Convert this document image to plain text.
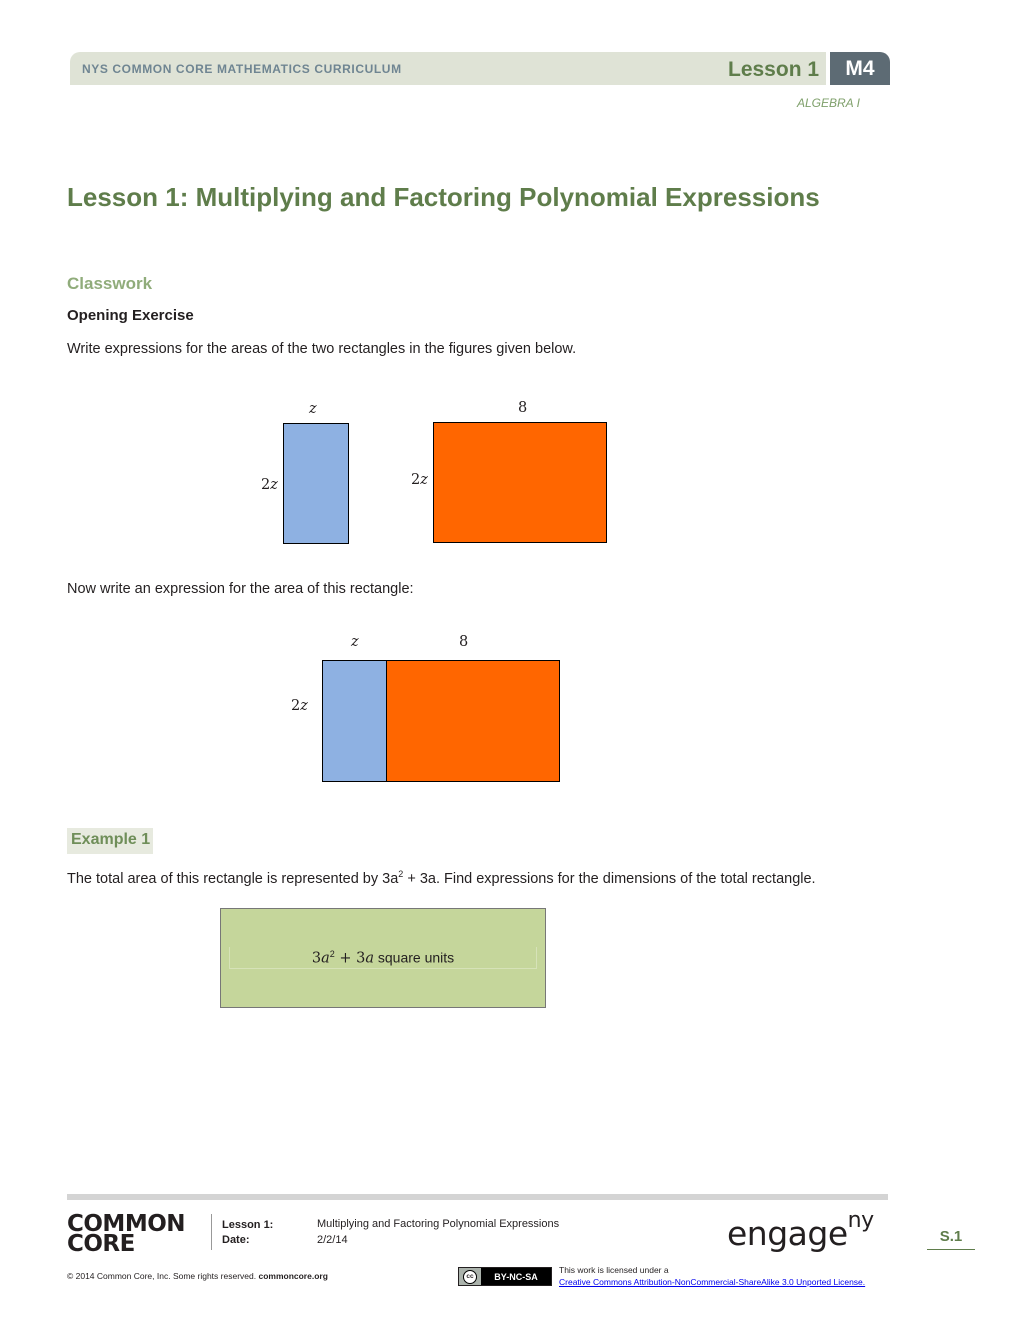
NYS COMMON CORE MATHEMATICS CURRICULUM	Lesson 1	M4
ALGEBRA I
Lesson 1: Multiplying and Factoring Polynomial Expressions
Classwork
Opening Exercise
Write expressions for the areas of the two rectangles in the figures given below.
z
2z
8
2z
Now write an expression for the area of this rectangle:
z	8
2z
Example 1
The total area of this rectangle is represented by $3a^2 + 3a$. Find expressions for the dimensions of the total rectangle.
$3a^2 + 3a$ square units
COMMON
CORE
Lesson 1:	Multiplying and Factoring Polynomial Expressions
Date:	2/2/14	engage$^{ny}$
S.1
© 2014 Common Core, Inc. Some rights reserved. commoncore.org	cc	BY-NC-SA
This work is licensed under a
Creative Commons Attribution-NonCommercial-ShareAlike 3.0 Unported License.
